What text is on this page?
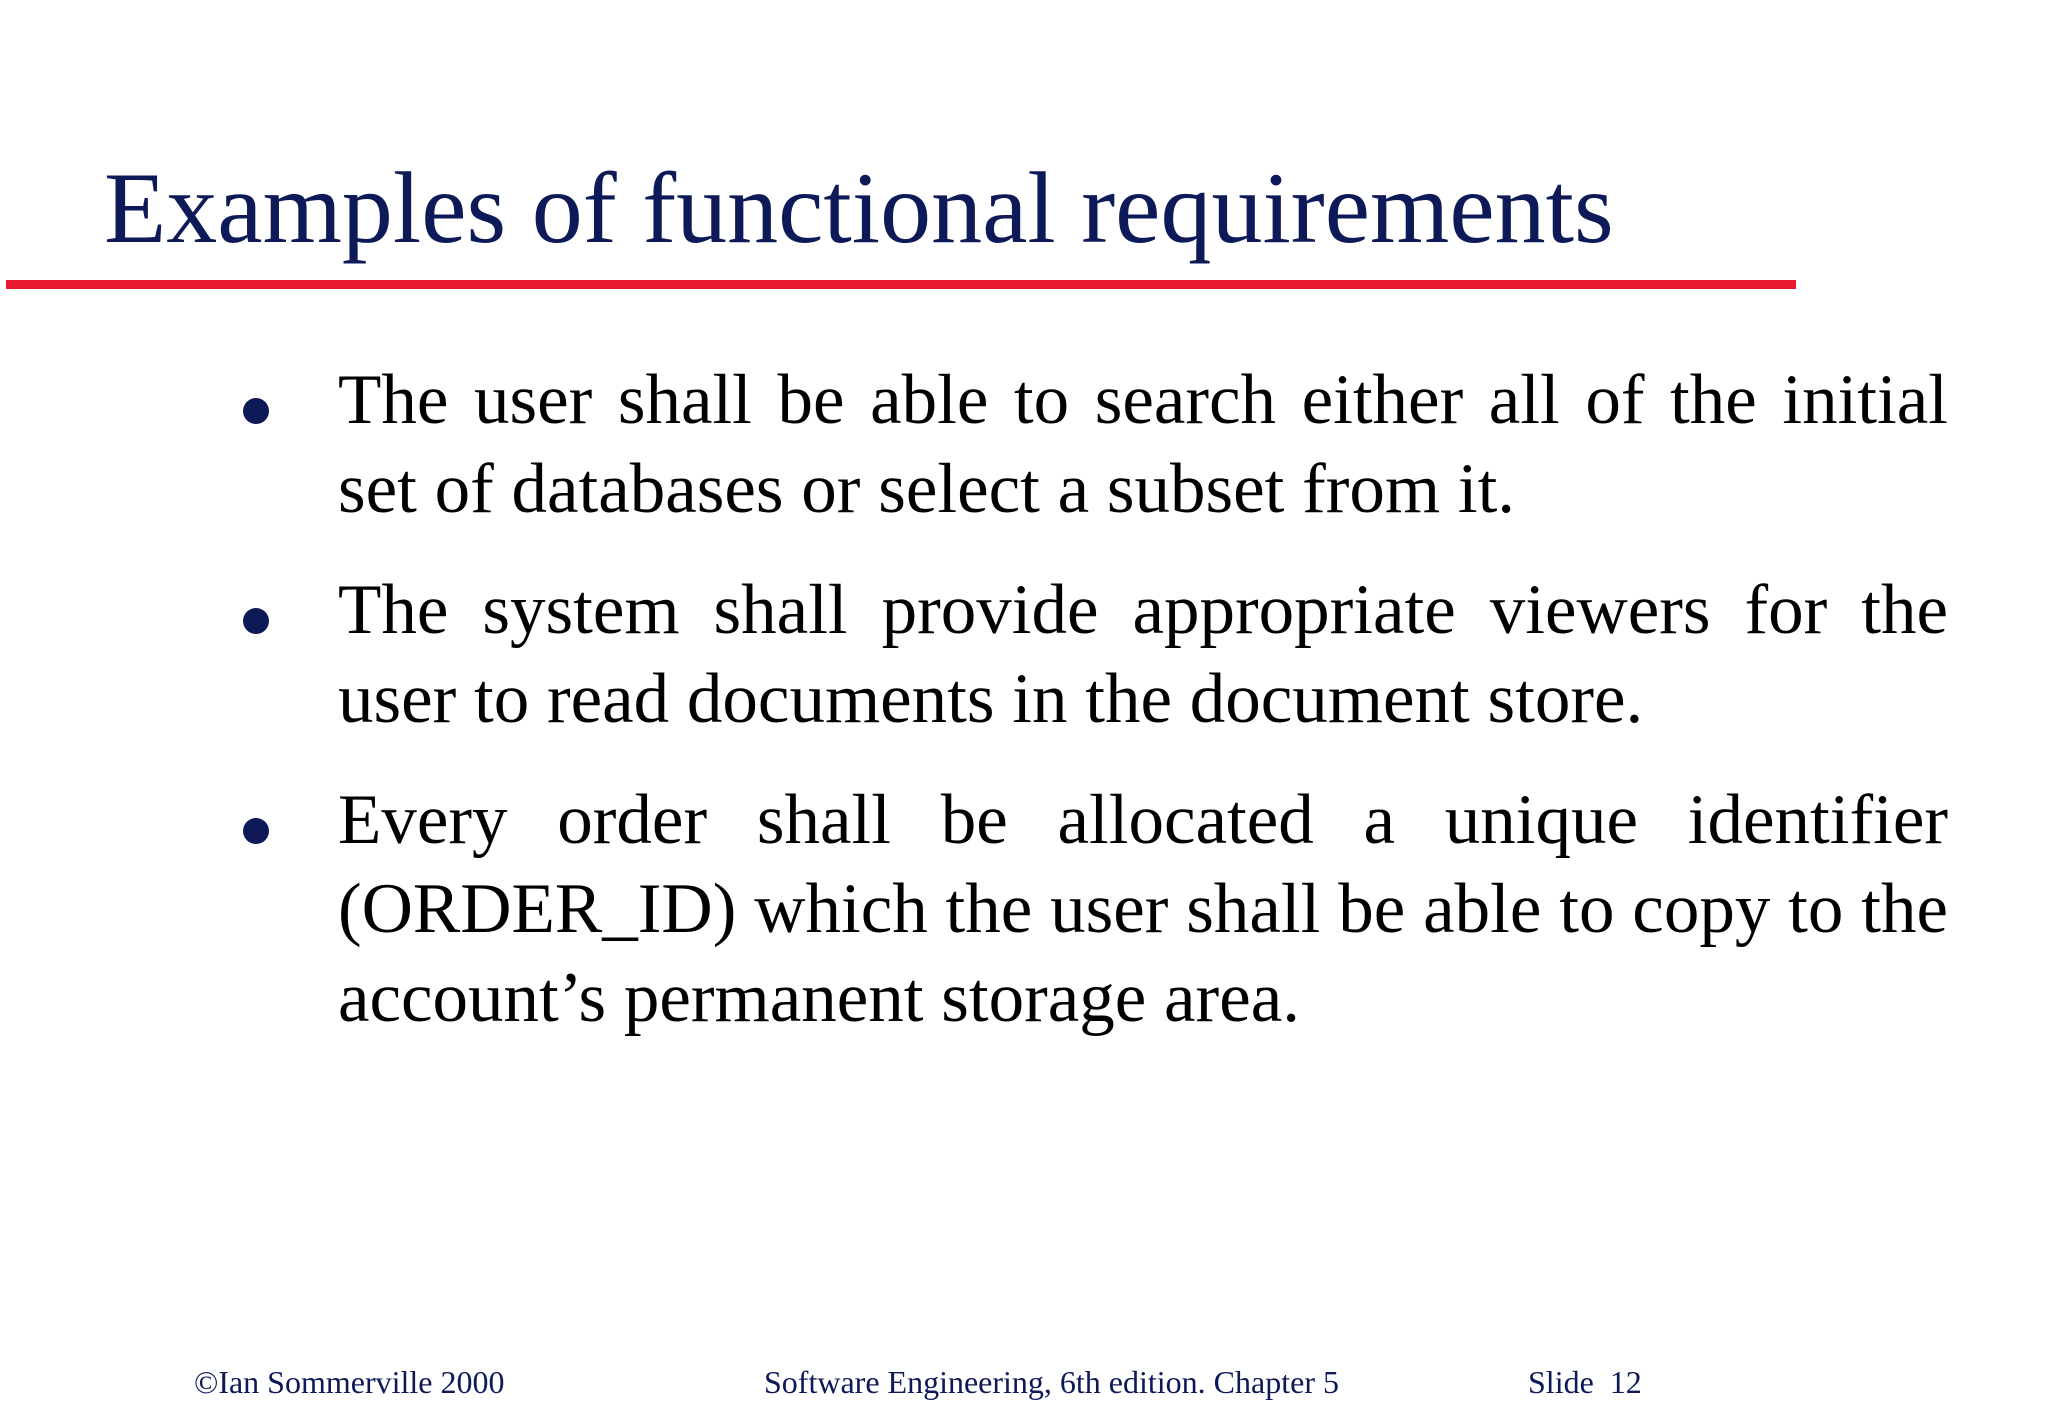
Examples of functional requirements
The user shall be able to search either all of the initial set of databases or select a subset from it.
The system shall provide appropriate viewers for the user to read documents in the document store.
Every order shall be allocated a unique identifier (ORDER_ID) which the user shall be able to copy to the account’s permanent storage area.
©Ian Sommerville 2000	Software Engineering, 6th edition. Chapter 5	Slide  12
